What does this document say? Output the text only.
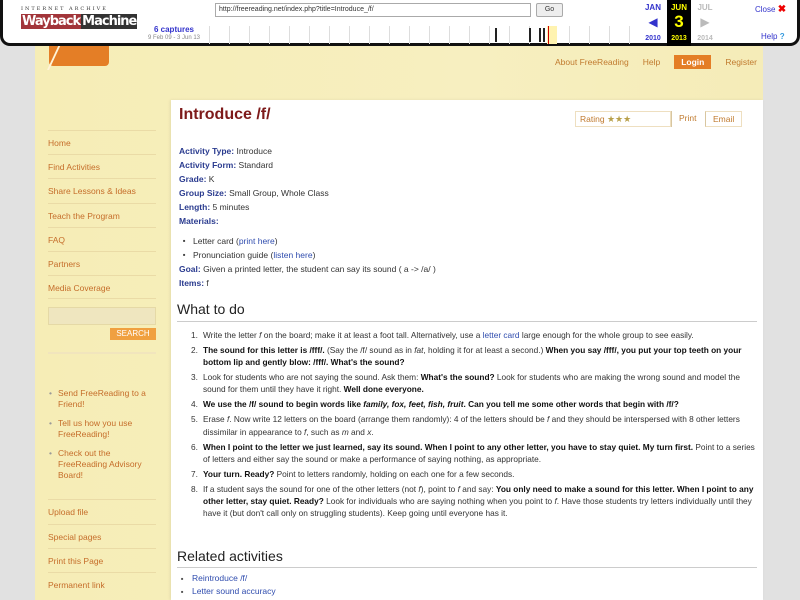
INTERNET ARCHIVE
Wayback Machine
6 captures
9 Feb 09 - 3 Jun 13
http://freereading.net/index.php?title=Introduce_/f/	Go	JAN
◀
2010
JUN
3
2013
JUL
▶
2014
Close ✖
Help ?
About FreeReading Help	Login	Register
Home
Find Activities
Share Lessons & Ideas
Teach the Program
FAQ
Partners
Media Coverage
SEARCH
• Send FreeReading to a Friend!
• Tell us how you use FreeReading!
• Check out the FreeReading Advisory Board!
Upload file
Special pages
Print this Page
Permanent link
Introduce /f/	Rating ★★★	Print	Email
Activity Type: Introduce
Activity Form: Standard
Grade: K
Group Size: Small Group, Whole Class
Length: 5 minutes
Materials:
■ Letter card (print here)
■ Pronunciation guide (listen here)
Goal: Given a printed letter, the student can say its sound ( a -> /a/ )
Items: f
What to do
1. Write the letter f on the board; make it at least a foot tall. Alternatively, use a letter card large enough for the whole group to see easily.
2. The sound for this letter is /fff/. (Say the /f/ sound as in fat, holding it for at least a second.) When you say /fff/, you put your top teeth on your bottom lip and gently blow: /fff/. What's the sound?
3. Look for students who are not saying the sound. Ask them: What's the sound? Look for students who are making the wrong sound and model the sound for them until they have it right. Well done everyone.
4. We use the /f/ sound to begin words like family, fox, feet, fish, fruit. Can you tell me some other words that begin with /f/?
5. Erase f. Now write 12 letters on the board (arrange them randomly): 4 of the letters should be f and they should be interspersed with 8 other letters dissimilar in appearance to f, such as m and x.
6. When I point to the letter we just learned, say its sound. When I point to any other letter, you have to stay quiet. My turn first. Point to a series of letters and either say the sound or make a performance of saying nothing, as appropriate.
7. Your turn. Ready? Point to letters randomly, holding on each one for a few seconds.
8. If a student says the sound for one of the other letters (not f), point to f and say: You only need to make a sound for this letter. When I point to any other letter, stay quiet. Ready? Look for individuals who are saying nothing when you point to f. Have those students try letters individually until they have it (but don't call only on struggling students). Keep going until everyone has it.
Related activities
■ Reintroduce /f/
■ Letter sound accuracy
